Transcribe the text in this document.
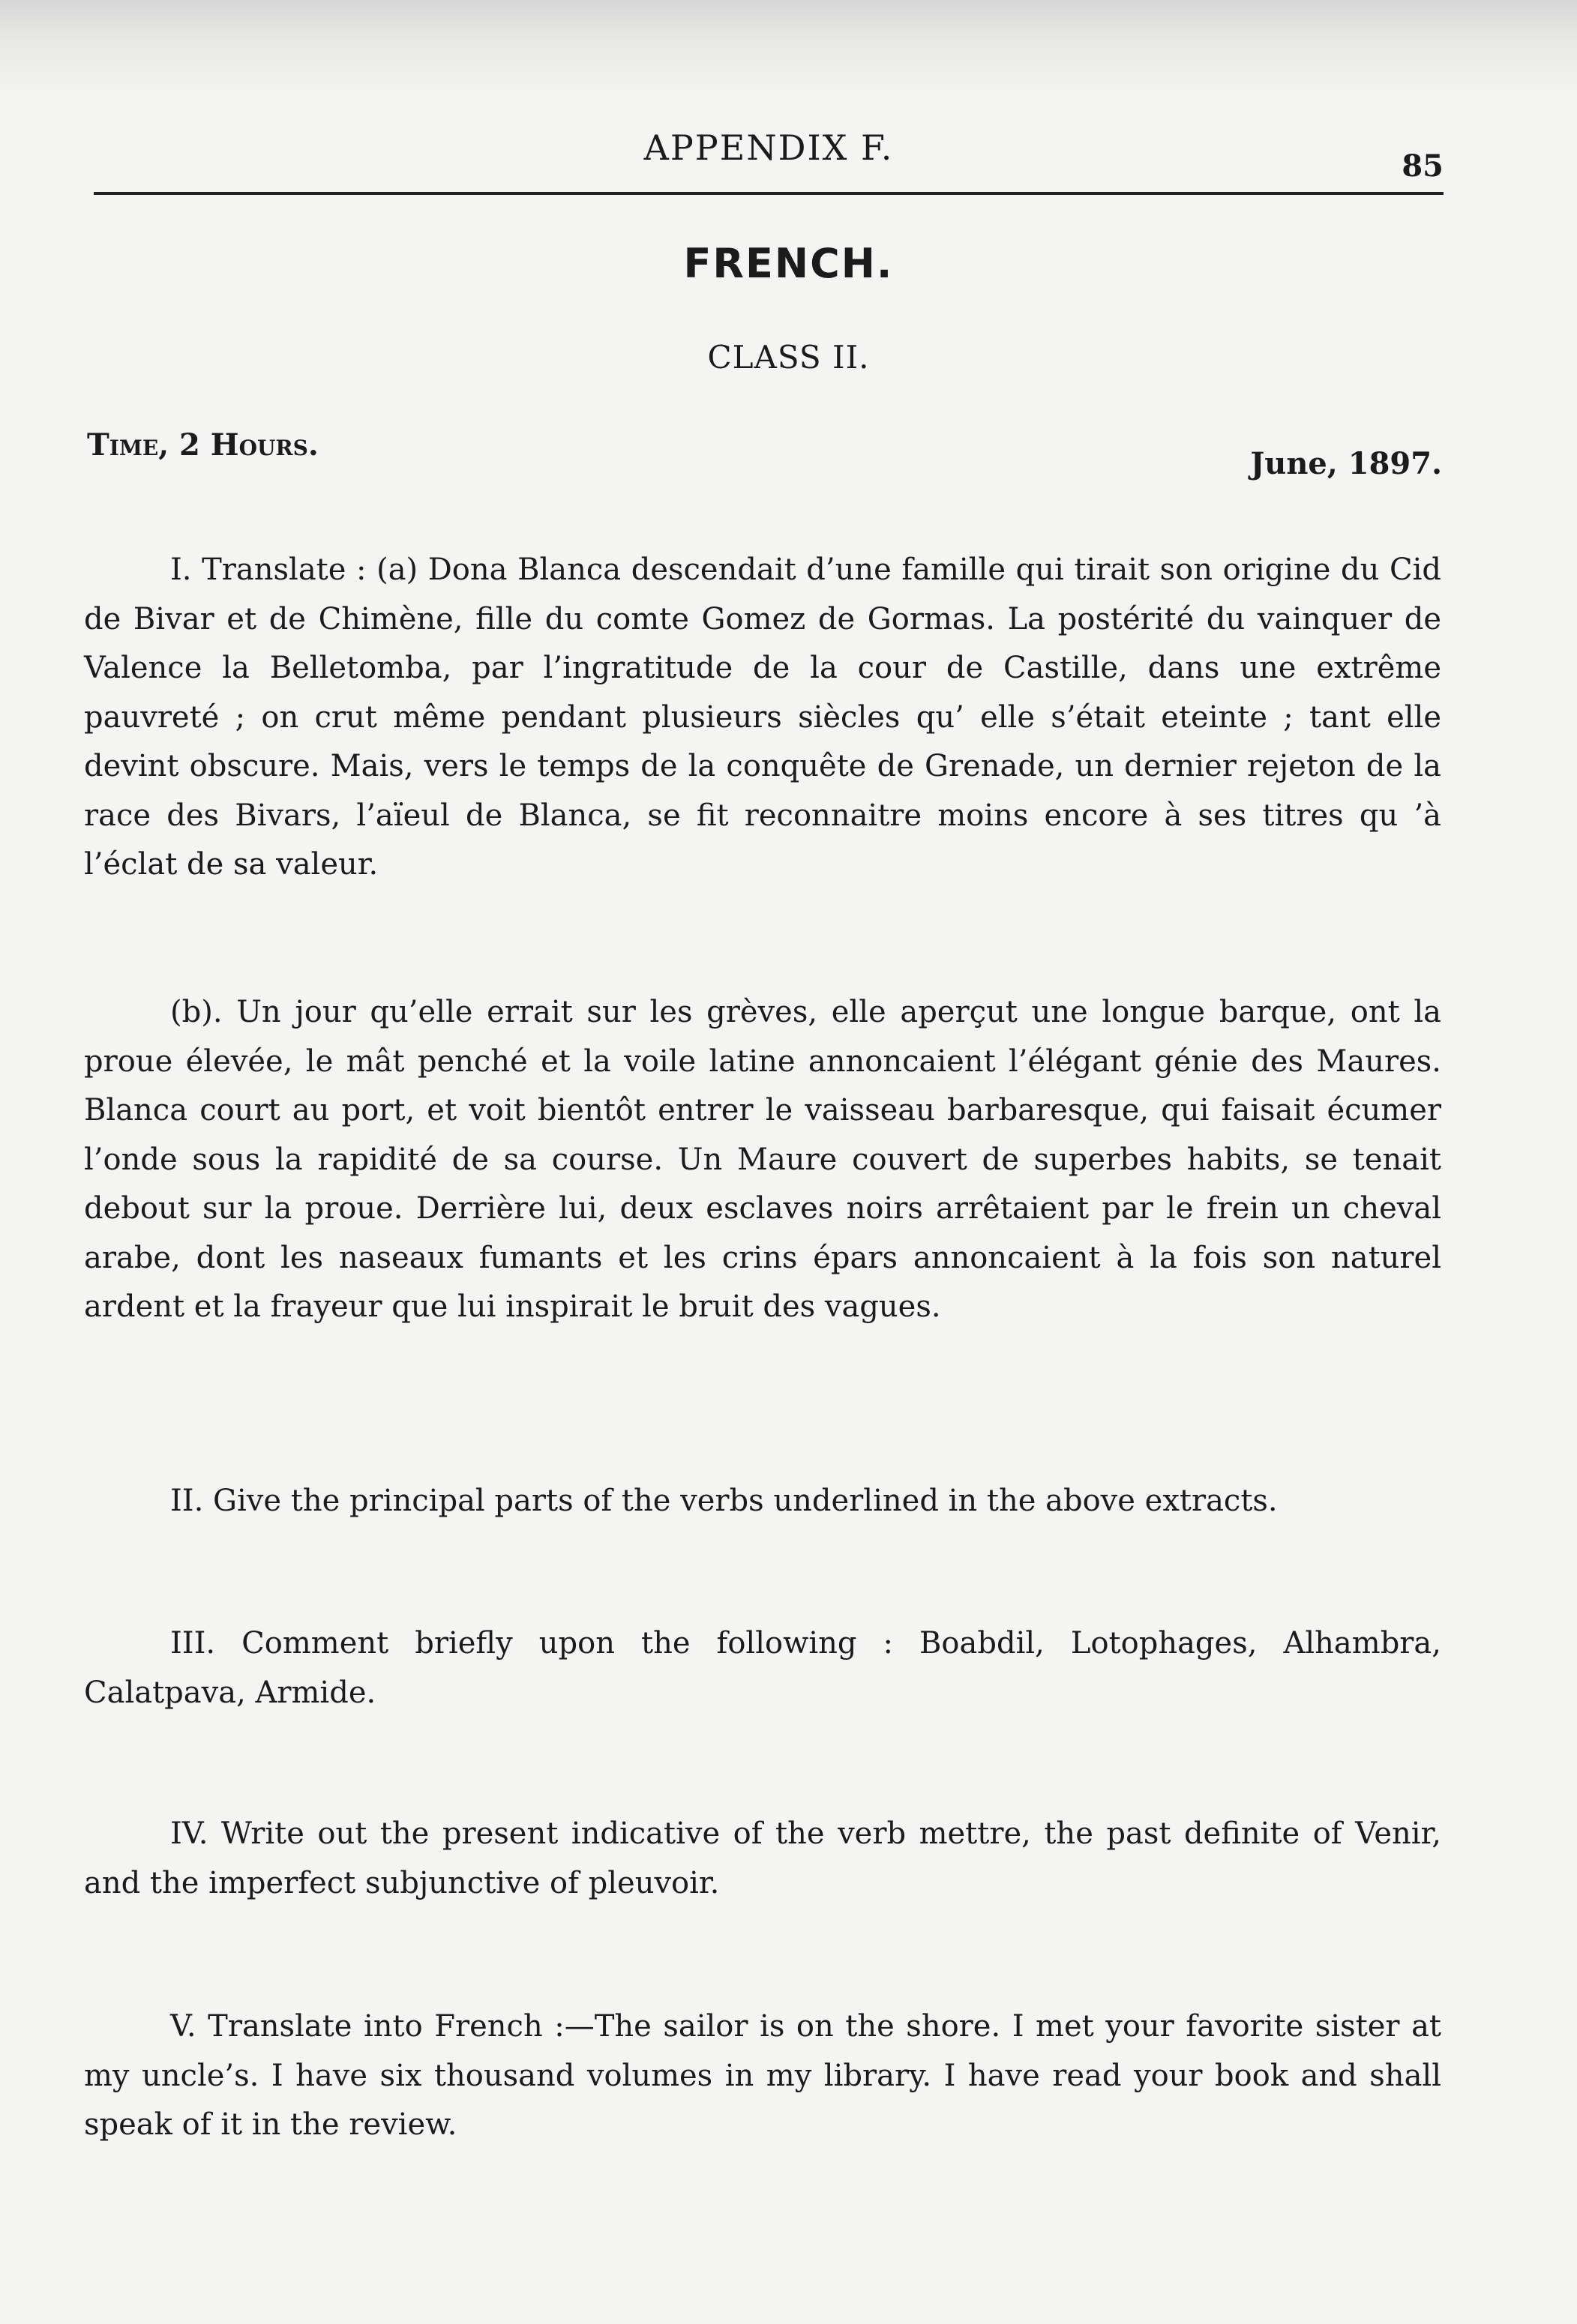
APPENDIX F.	85
FRENCH.
CLASS II.
Time, 2 Hours.
June, 1897.

I. Translate : (a) Dona Blanca descendait d’une famille qui tirait son origine du Cid de Bivar et de Chimène, fille du comte Gomez de Gormas. La postérité du vainquer de Valence la Belletomba, par l’ingratitude de la cour de Castille, dans une extrême pauvreté ; on crut même pendant plusieurs siècles qu’ elle s’était eteinte ; tant elle devint obscure. Mais, vers le temps de la conquête de Grenade, un dernier rejeton de la race des Bivars, l’aïeul de Blanca, se fit reconnaitre moins encore à ses titres qu ’à l’éclat de sa valeur.

(b). Un jour qu’elle errait sur les grèves, elle aperçut une longue barque, ont la proue élevée, le mât penché et la voile latine annoncaient l’élégant génie des Maures. Blanca court au port, et voit bientôt entrer le vaisseau barbaresque, qui faisait écumer l’onde sous la rapidité de sa course. Un Maure couvert de superbes habits, se tenait debout sur la proue. Derrière lui, deux esclaves noirs arrêtaient par le frein un cheval arabe, dont les naseaux fumants et les crins épars annoncaient à la fois son naturel ardent et la frayeur que lui inspirait le bruit des vagues.

II. Give the principal parts of the verbs underlined in the above extracts.

III. Comment briefly upon the following : Boabdil, Lotophages, Alhambra, Calatpava, Armide.

IV. Write out the present indicative of the verb mettre, the past definite of Venir, and the imperfect subjunctive of pleuvoir.

V. Translate into French :—The sailor is on the shore. I met your favorite sister at my uncle’s. I have six thousand volumes in my library. I have read your book and shall speak of it in the review.
